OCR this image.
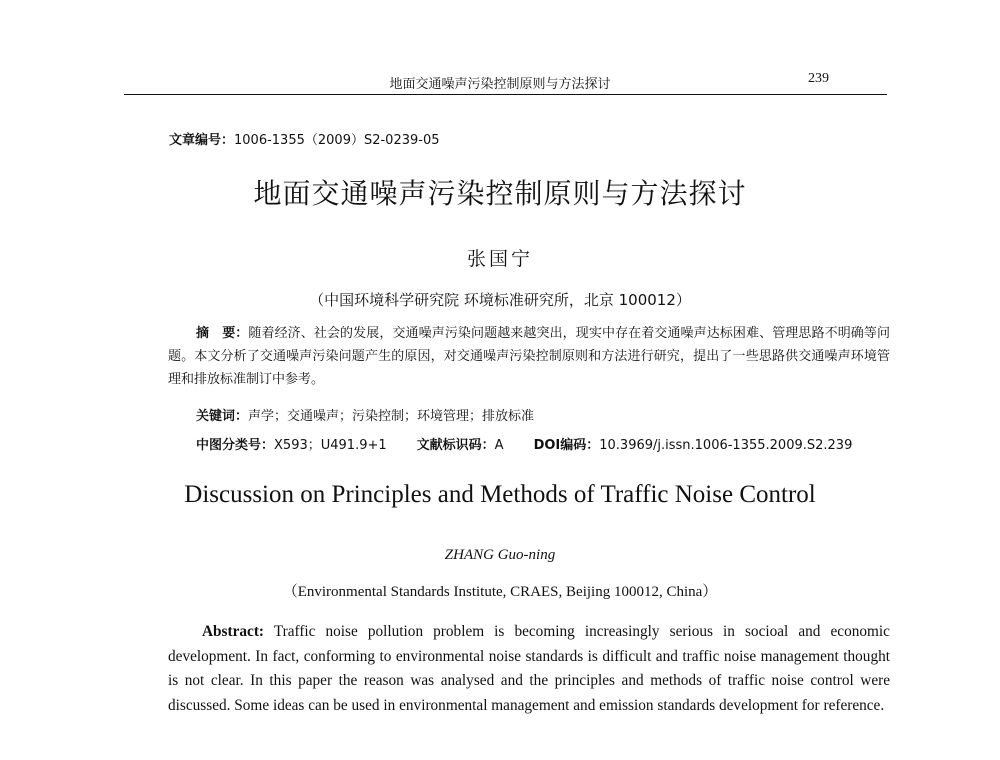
地面交通噪声污染控制原则与方法探讨	239
文章编号：1006-1355（2009）S2-0239-05
地面交通噪声污染控制原则与方法探讨
张国宁
（中国环境科学研究院 环境标准研究所，北京 100012）
摘　要：随着经济、社会的发展，交通噪声污染问题越来越突出，现实中存在着交通噪声达标困难、管理思路不明确等问题。本文分析了交通噪声污染问题产生的原因，对交通噪声污染控制原则和方法进行研究，提出了一些思路供交通噪声环境管理和排放标准制订中参考。
关键词：声学；交通噪声；污染控制；环境管理；排放标准
中图分类号：X593；U491.9+1 文献标识码：A DOI编码：10.3969/j.issn.1006-1355.2009.S2.239
Discussion on Principles and Methods of Traffic Noise Control
ZHANG Guo-ning
（Environmental Standards Institute, CRAES, Beijing 100012, China）
Abstract: Traffic noise pollution problem is becoming increasingly serious in socioal and economic development. In fact, conforming to environmental noise standards is difficult and traffic noise management thought is not clear. In this paper the reason was analysed and the principles and methods of traffic noise control were discussed. Some ideas can be used in environmental management and emission standards development for reference.
